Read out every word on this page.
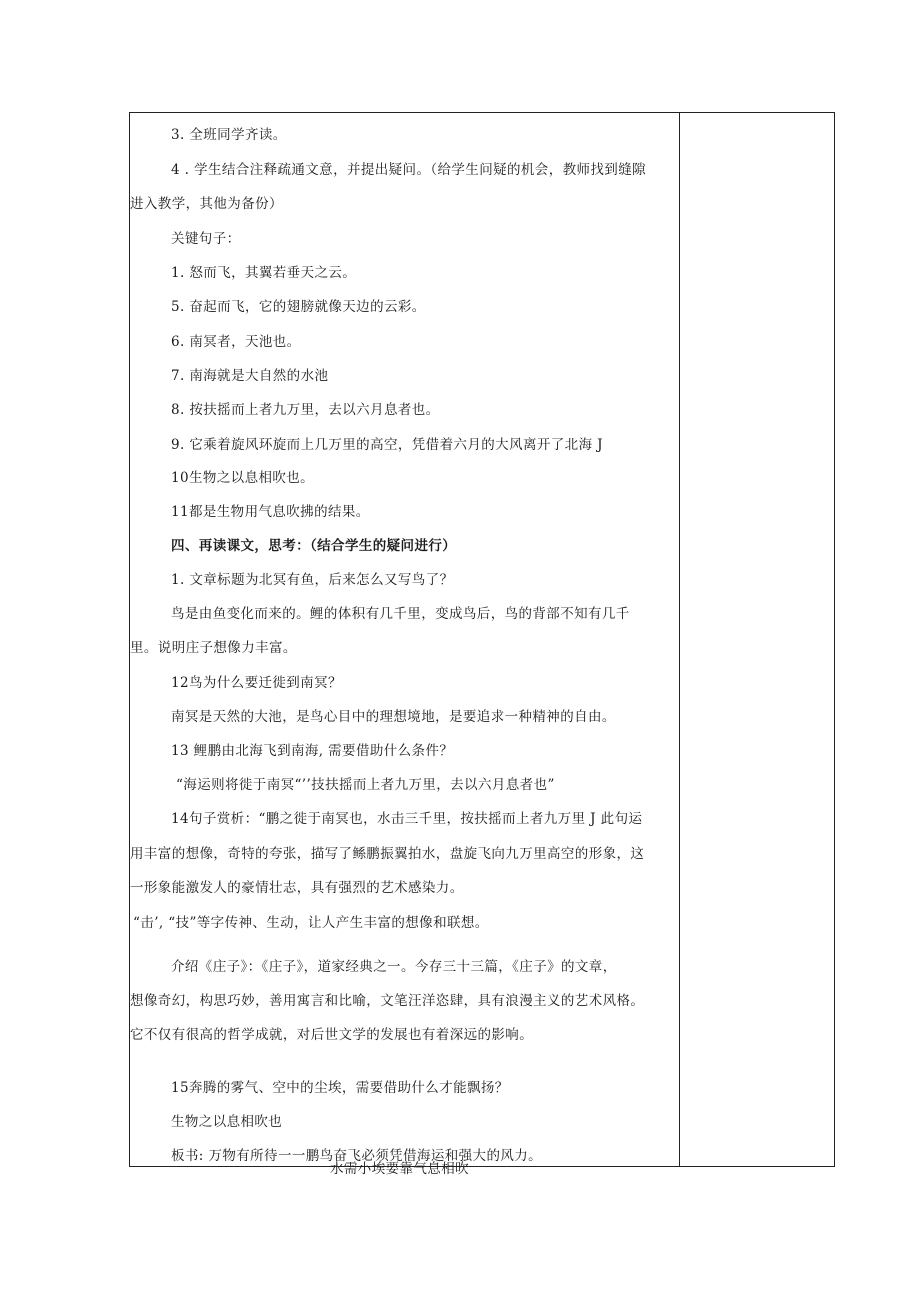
3. 全班同学齐读。
4 . 学生结合注释疏通文意，并提出疑问。（给学生问疑的机会，教师找到缝隙
进入教学，其他为备份）
关键句子：
1. 怒而飞，其翼若垂天之云。
5. 奋起而飞，它的翅膀就像天边的云彩。
6. 南冥者，天池也。
7. 南海就是大自然的水池
8. 按扶摇而上者九万里，去以六月息者也。
9. 它乘着旋风环旋而上几万里的高空，凭借着六月的大风离开了北海 J
10生物之以息相吹也。
11都是生物用气息吹拂的结果。
四、再读课文，思考：（结合学生的疑问进行）
1. 文章标题为北冥有鱼，后来怎么又写鸟了？
鸟是由鱼变化而来的。鲤的体积有几千里，变成鸟后，鸟的背部不知有几千
里。说明庄子想像力丰富。
12鸟为什么要迁徙到南冥？
南冥是天然的大池，是鸟心目中的理想境地，是要追求一种精神的自由。
13 鲤鹏由北海飞到南海, 需要借助什么条件？
“海运则将徙于南冥“’’技扶摇而上者九万里，去以六月息者也”
14句子赏析：“鹏之徙于南冥也，水击三千里，按扶摇而上者九万里 J 此句运
用丰富的想像，奇特的夸张，描写了鲧鹏振翼拍水，盘旋飞向九万里高空的形象，这
一形象能激发人的豪情壮志，具有强烈的艺术感染力。
“击’, “技”等字传神、生动，让人产生丰富的想像和联想。
介绍《庄子》：《庄子》，道家经典之一。今存三十三篇，《庄子》的文章，
想像奇幻，构思巧妙，善用寓言和比喻，文笔汪洋恣肆，具有浪漫主义的艺术风格。
它不仅有很高的哲学成就，对后世文学的发展也有着深远的影响。
15奔腾的雾气、空中的尘埃，需要借助什么才能飘扬？
生物之以息相吹也
板书: 万物有所待一一鹏鸟奋飞必须凭借海运和强大的风力。
水需小埃要靠气息相吹
